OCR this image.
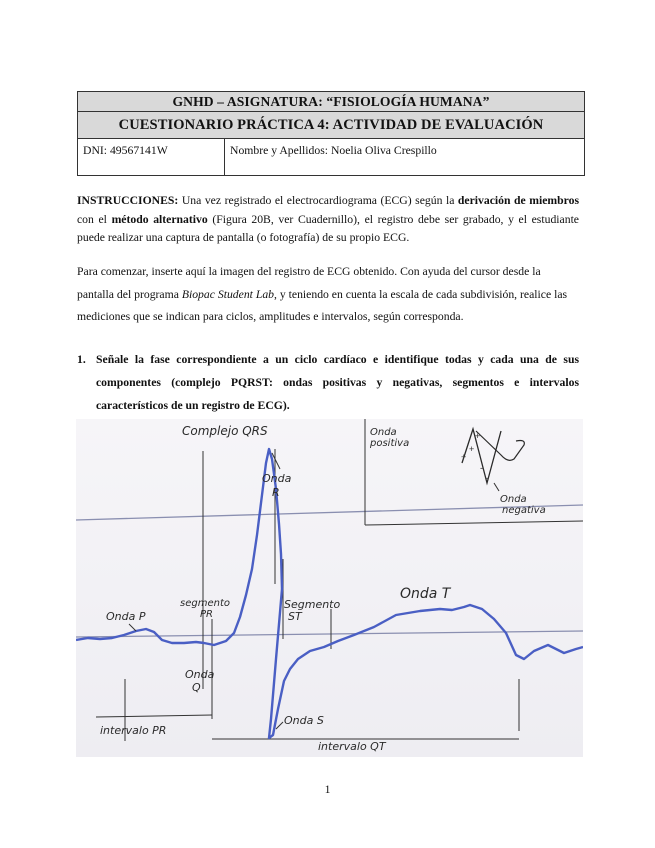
GNHD – ASIGNATURA: “FISIOLOGÍA HUMANA”
CUESTIONARIO PRÁCTICA 4: ACTIVIDAD DE EVALUACIÓN
DNI: 49567141W	Nombre y Apellidos: Noelia Oliva Crespillo
INSTRUCCIONES: Una vez registrado el electrocardiograma (ECG) según la derivación de miembros con el método alternativo (Figura 20B, ver Cuadernillo), el registro debe ser grabado, y el estudiante puede realizar una captura de pantalla (o fotografía) de su propio ECG.
Para comenzar, inserte aquí la imagen del registro de ECG obtenido. Con ayuda del cursor desde la pantalla del programa Biopac Student Lab, y teniendo en cuenta la escala de cada subdivisión, realice las mediciones que se indican para ciclos, amplitudes e intervalos, según corresponda.
1. Señale la fase correspondiente a un ciclo cardíaco e identifique todas y cada una de sus componentes (complejo PQRST: ondas positivas y negativas, segmentos e intervalos característicos de un registro de ECG).
+
+
+
-
-
Complejo QRS
Onda
R
Onda
positiva
Onda
negativa
Onda P
segmento
PR
Segmento
ST
Onda T
Onda
Q
Onda S
intervalo PR
intervalo QT
1
